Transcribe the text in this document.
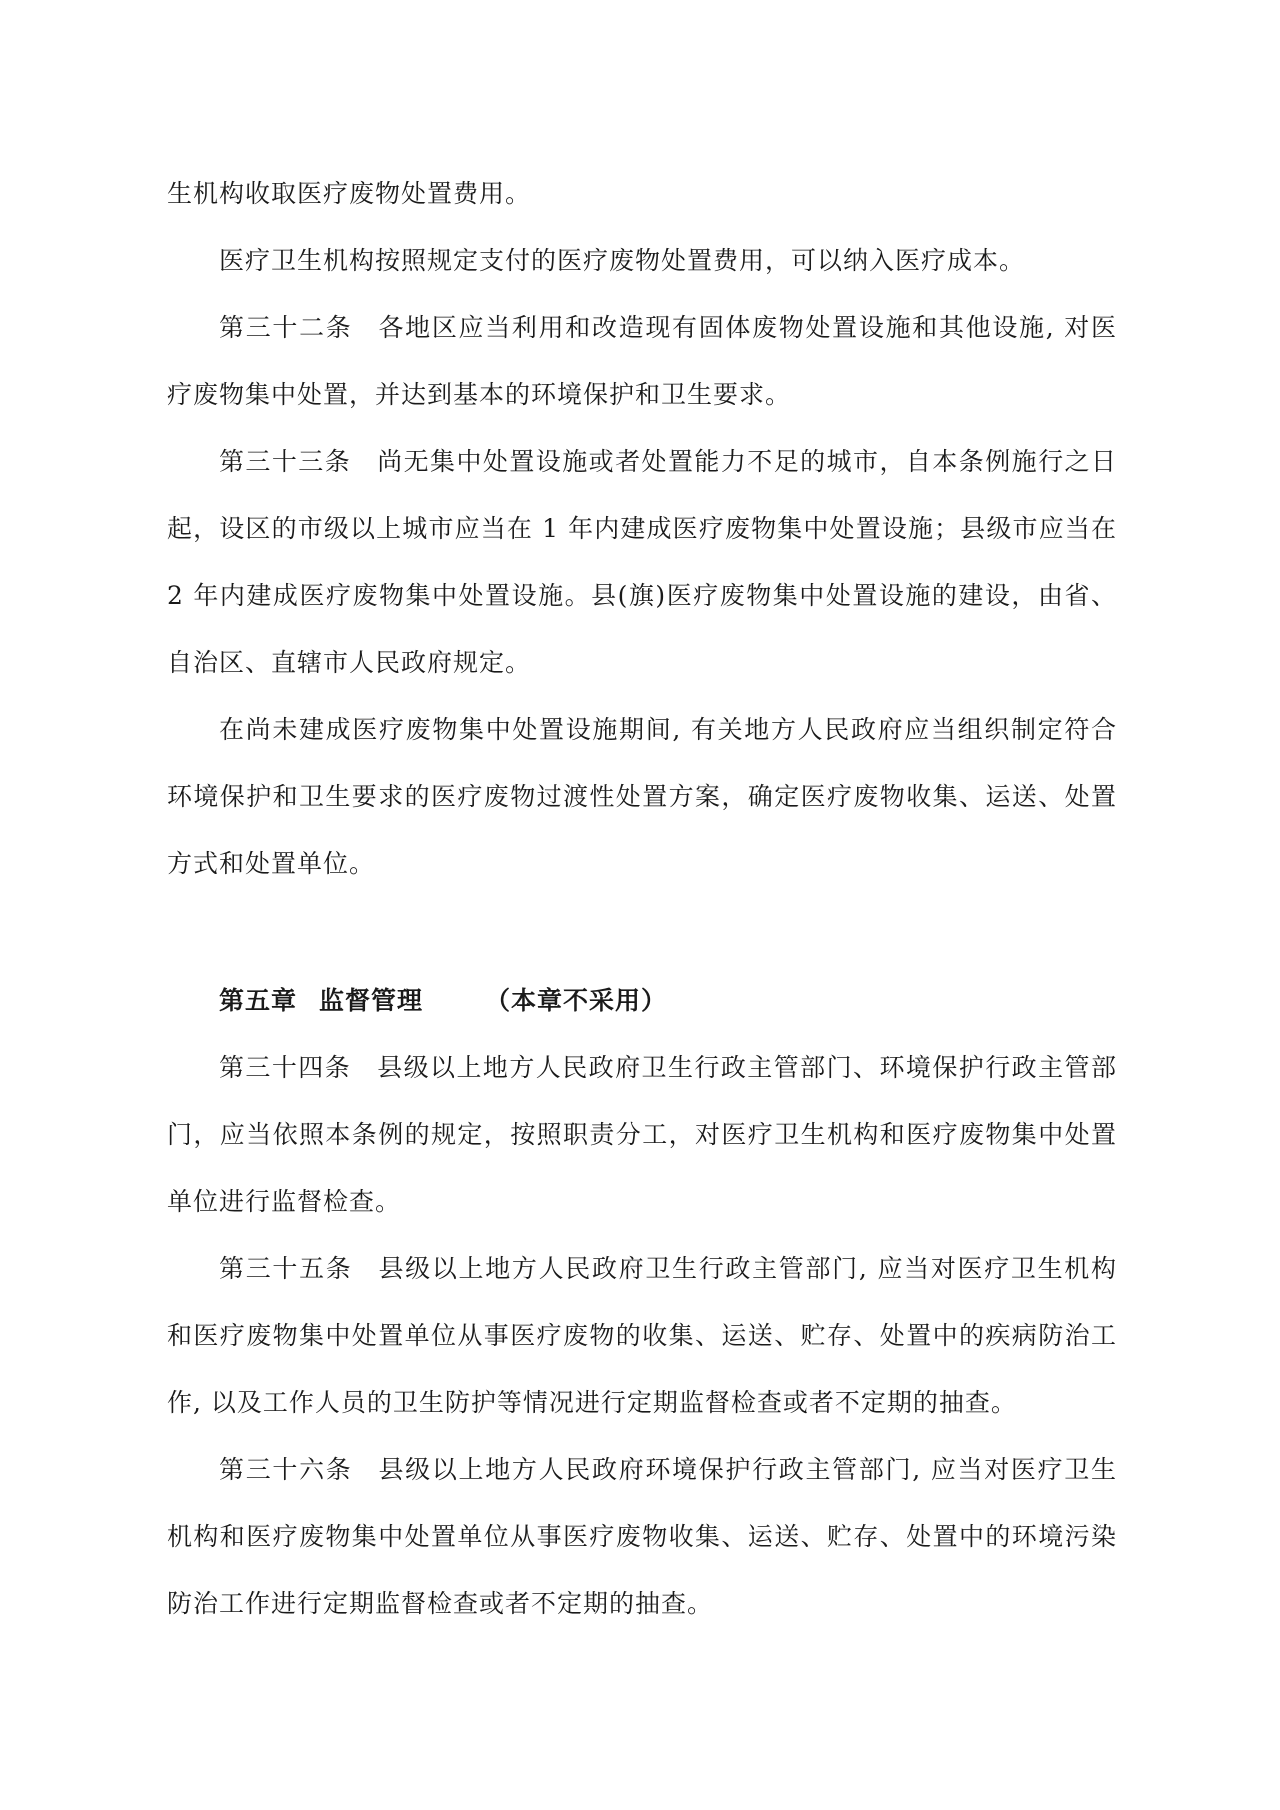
生机构收取医疗废物处置费用。

医疗卫生机构按照规定支付的医疗废物处置费用，可以纳入医疗成本。

第三十二条 各地区应当利用和改造现有固体废物处置设施和其他设施, 对医疗废物集中处置，并达到基本的环境保护和卫生要求。

第三十三条 尚无集中处置设施或者处置能力不足的城市，自本条例施行之日起，设区的市级以上城市应当在 1 年内建成医疗废物集中处置设施；县级市应当在 2 年内建成医疗废物集中处置设施。县(旗)医疗废物集中处置设施的建设，由省、自治区、直辖市人民政府规定。

在尚未建成医疗废物集中处置设施期间, 有关地方人民政府应当组织制定符合环境保护和卫生要求的医疗废物过渡性处置方案，确定医疗废物收集、运送、处置方式和处置单位。

第五章 监督管理 （本章不采用）

第三十四条 县级以上地方人民政府卫生行政主管部门、环境保护行政主管部门，应当依照本条例的规定，按照职责分工，对医疗卫生机构和医疗废物集中处置单位进行监督检查。

第三十五条 县级以上地方人民政府卫生行政主管部门, 应当对医疗卫生机构和医疗废物集中处置单位从事医疗废物的收集、运送、贮存、处置中的疾病防治工作, 以及工作人员的卫生防护等情况进行定期监督检查或者不定期的抽查。

第三十六条 县级以上地方人民政府环境保护行政主管部门, 应当对医疗卫生机构和医疗废物集中处置单位从事医疗废物收集、运送、贮存、处置中的环境污染防治工作进行定期监督检查或者不定期的抽查。
